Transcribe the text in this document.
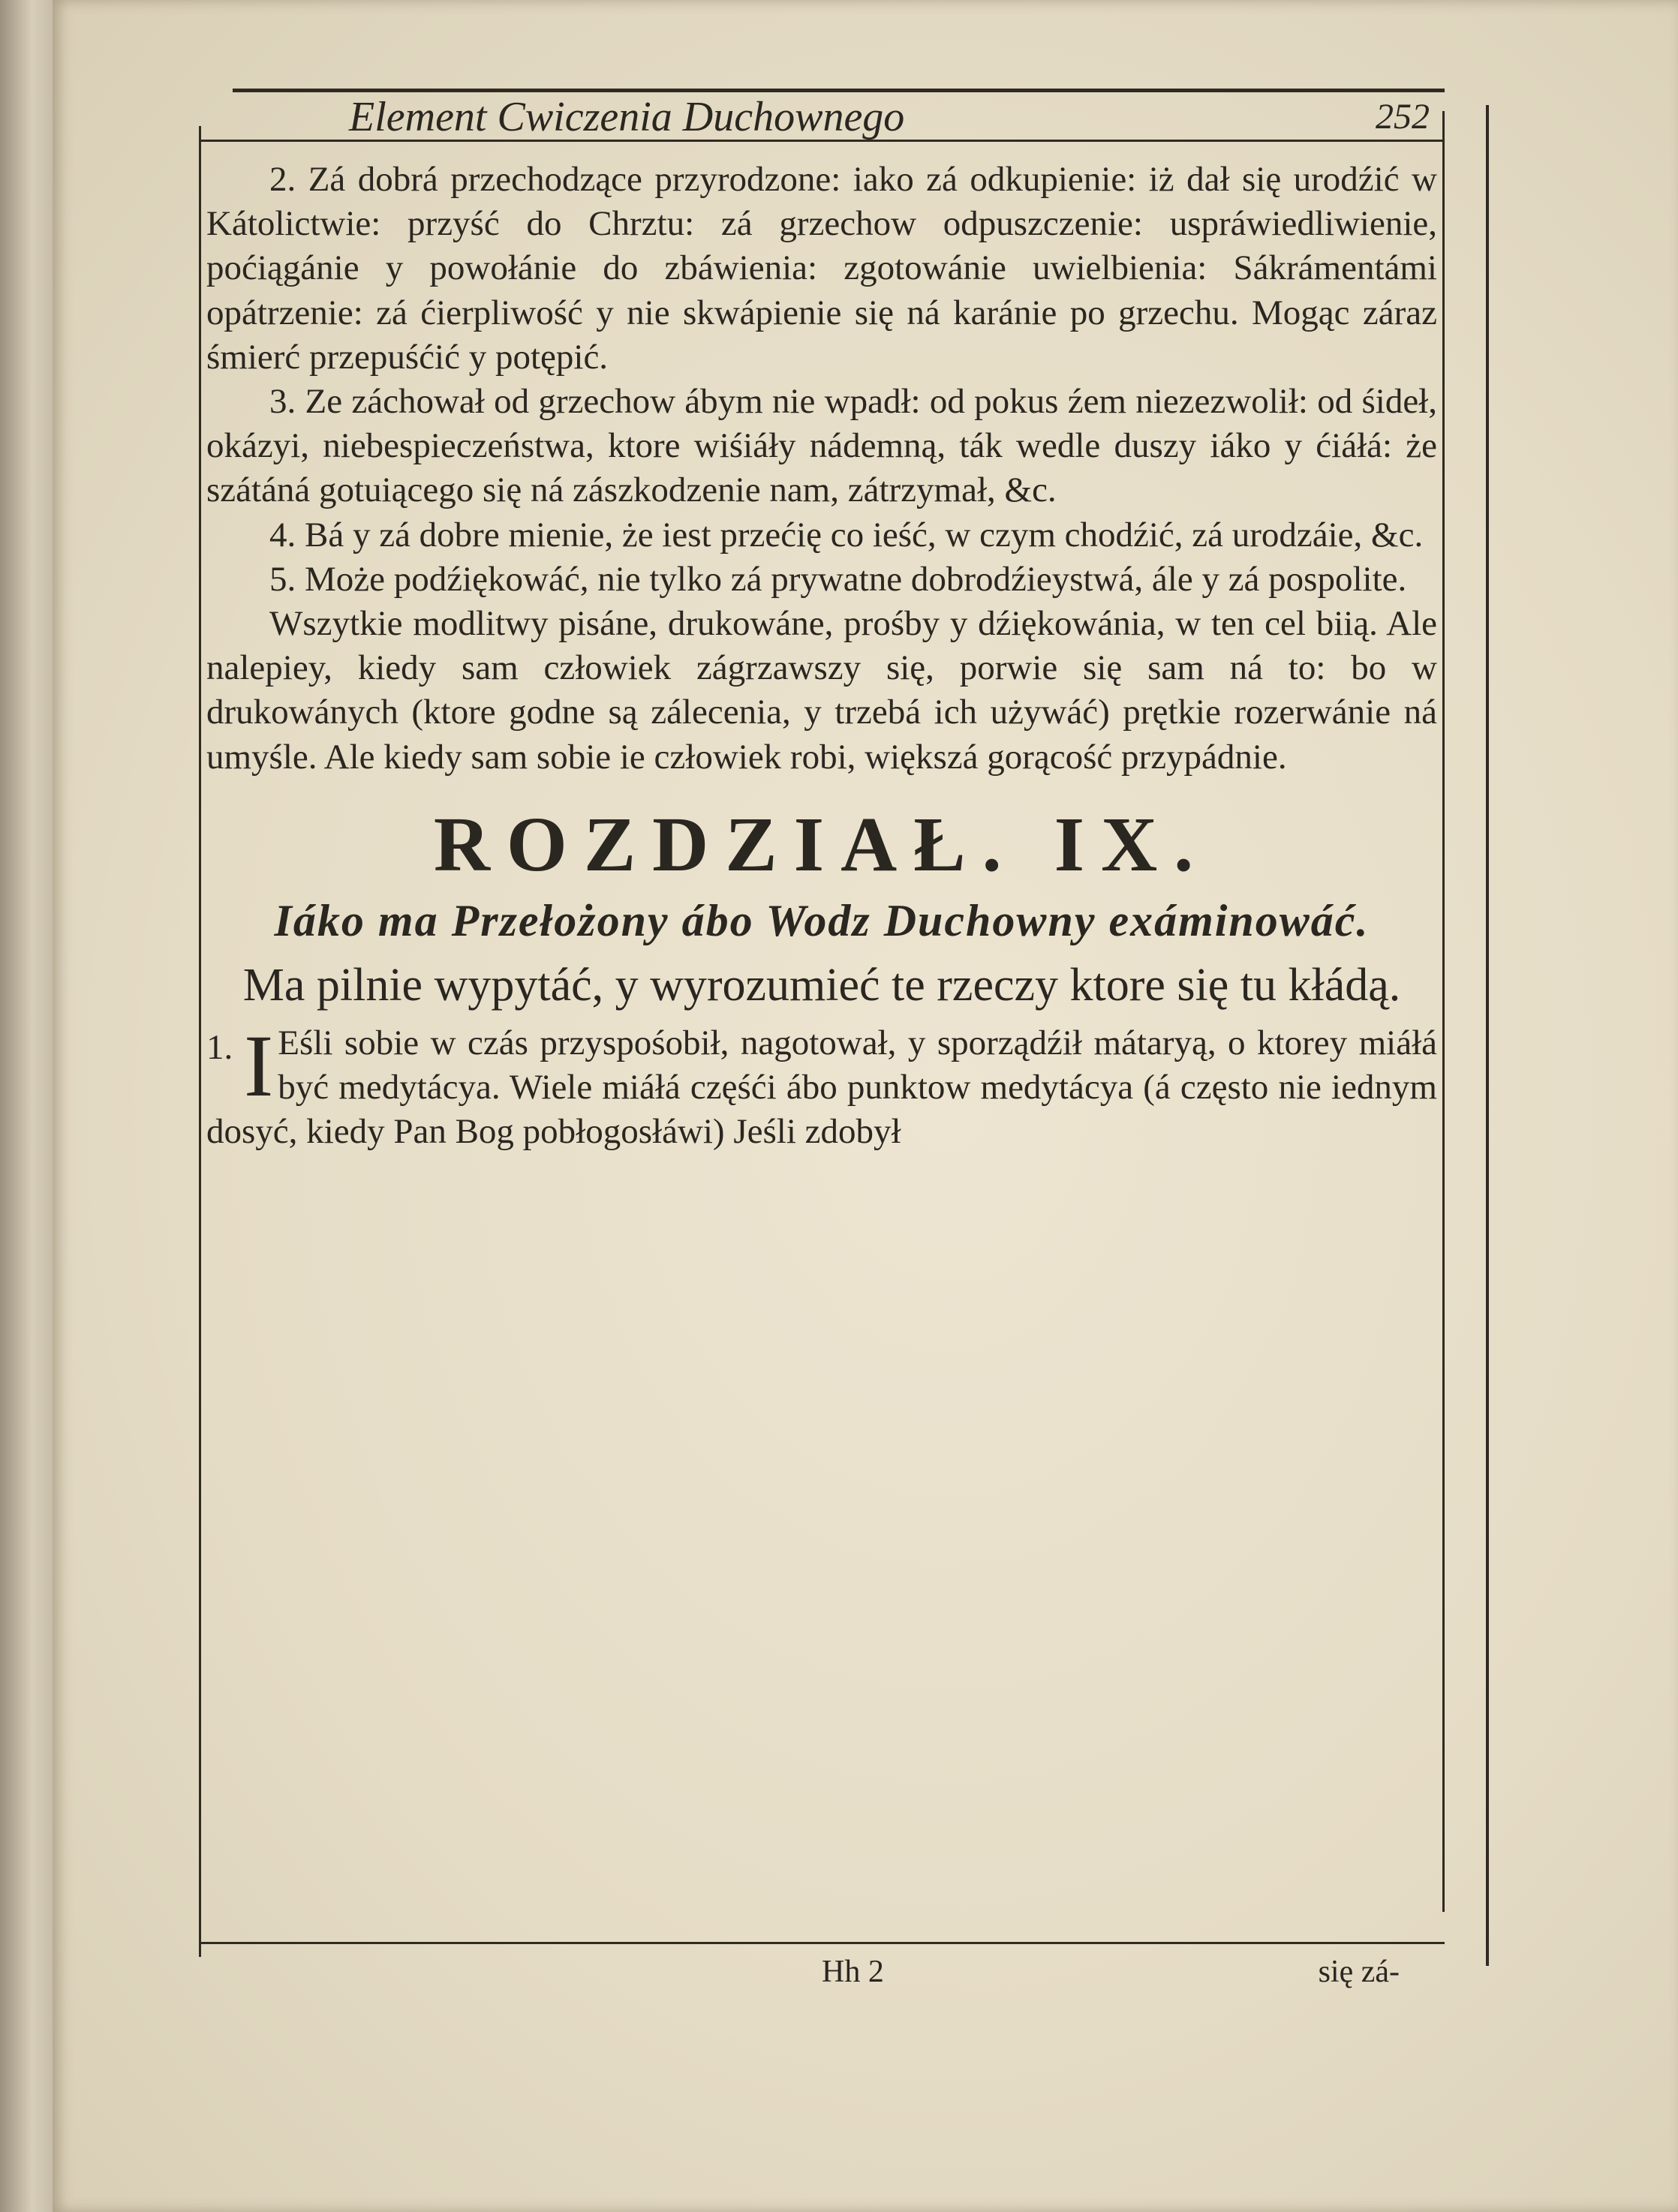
Element Cwiczenia Duchownego	252

2. Zá dobrá przechodzące przyrodzone: iako zá odkupienie: iż dał się urodźić w Kátolictwie: przyść do Chrztu: zá grzechow odpuszczenie: uspráwiedliwienie, poćiągánie y powołánie do zbáwienia: zgotowánie uwielbienia: Sákrámentámi opátrzenie: zá ćierpliwość y nie skwápienie się ná karánie po grzechu. Mogąc záraz śmierć przepuśćić y potępić.

3. Ze záchował od grzechow ábym nie wpadł: od pokus źem niezezwolił: od śideł, okázyi, niebespieczeństwa, ktore wiśiáły nádemną, ták wedle duszy iáko y ćiáłá: że szátáná gotuiącego się ná zászkodzenie nam, zátrzymał, &c.

4. Bá y zá dobre mienie, że iest przećię co ieść, w czym chodźić, zá urodzáie, &c.

5. Może podźiękowáć, nie tylko zá prywatne dobrodźieystwá, ále y zá pospolite.

Wszytkie modlitwy pisáne, drukowáne, prośby y dźiękowánia, w ten cel biią. Ale nalepiey, kiedy sam człowiek zágrzawszy się, porwie się sam ná to: bo w drukowánych (ktore godne są zálecenia, y trzebá ich używáć) prętkie rozerwánie ná umyśle. Ale kiedy sam sobie ie człowiek robi, większá gorącość przypádnie.

ROZDZIAŁ. IX.

Iáko ma Przełożony ábo Wodz Duchowny exáminowáć.

Ma pilnie wypytáć, y wyrozumieć te rzeczy ktore się tu kłádą.

1. I Eśli sobie w czás przyspośobił, nagotował, y sporządźił mátaryą, o ktorey miáłá być medytácya. Wiele miáłá częśći ábo punktow medytácya (á często nie iednym dosyć, kiedy Pan Bog pobłogosłáwi) Jeśli zdobył

Hh 2	się zá-
